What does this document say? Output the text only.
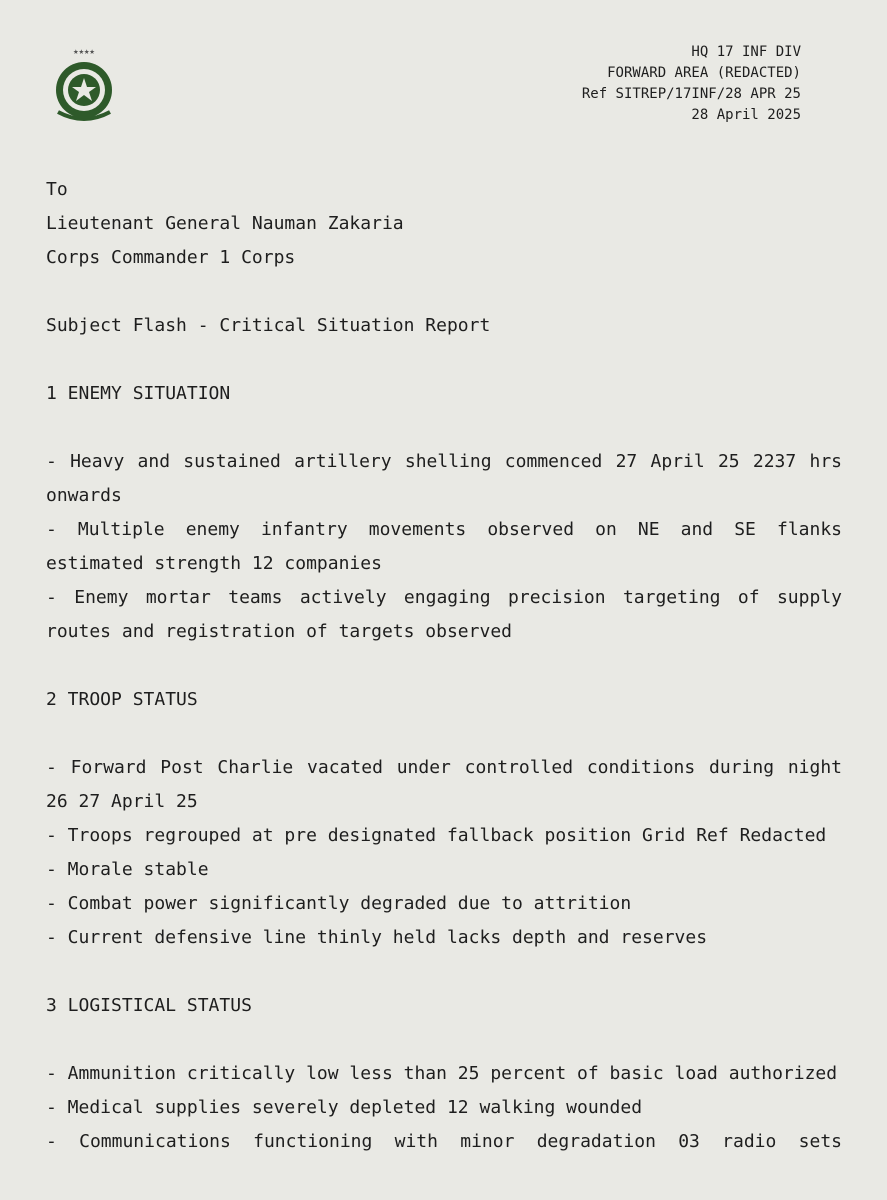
★★★★	HQ 17 INF DIV
FORWARD AREA (REDACTED)
Ref SITREP/17INF/28 APR 25
28 April 2025

To

Lieutenant General Nauman Zakaria

Corps Commander 1 Corps

Subject Flash - Critical Situation Report

1 ENEMY SITUATION

- Heavy and sustained artillery shelling commenced 27 April 25 2237 hrs onwards

- Multiple enemy infantry movements observed on NE and SE flanks estimated strength 12 companies

- Enemy mortar teams actively engaging precision targeting of supply routes and registration of targets observed

2 TROOP STATUS

- Forward Post Charlie vacated under controlled conditions during night 26 27 April 25

- Troops regrouped at pre designated fallback position Grid Ref Redacted

- Morale stable

- Combat power significantly degraded due to attrition

- Current defensive line thinly held lacks depth and reserves

3 LOGISTICAL STATUS

- Ammunition critically low less than 25 percent of basic load authorized

- Medical supplies severely depleted 12 walking wounded

- Communications functioning with minor degradation 03 radio sets
